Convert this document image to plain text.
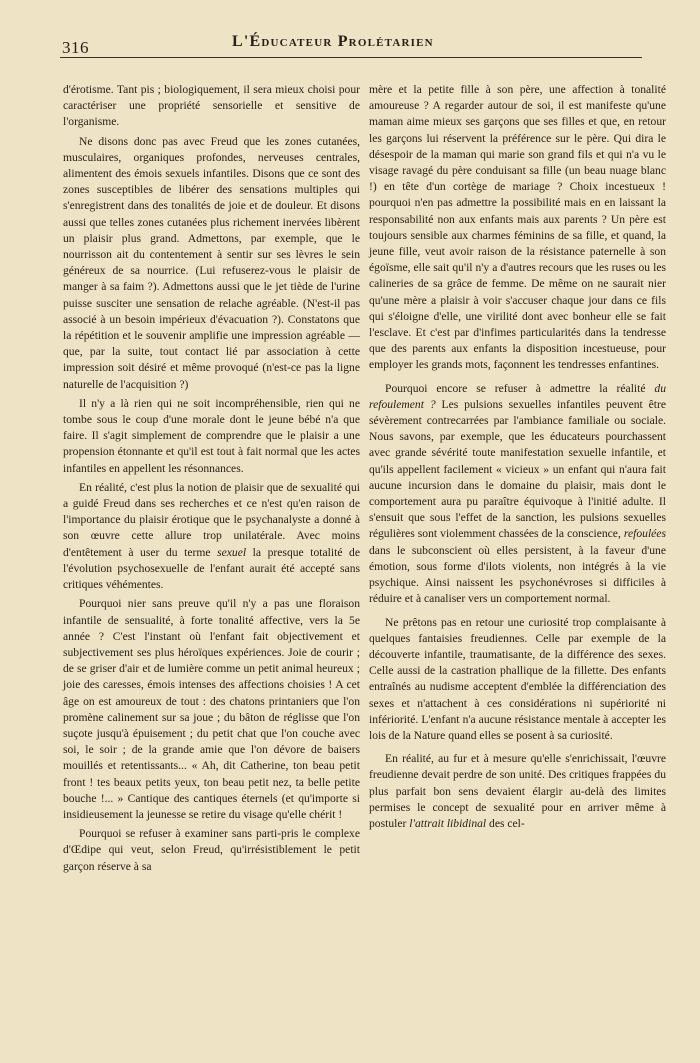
316	L'Éducateur Prolétarien

d'érotisme. Tant pis ; biologiquement, il sera mieux choisi pour caractériser une propriété sensorielle et sensitive de l'organisme.

Ne disons donc pas avec Freud que les zones cutanées, musculaires, organiques profondes, nerveuses centrales, alimentent des émois sexuels infantiles. Disons que ce sont des zones susceptibles de libérer des sensations multiples qui s'enregistrent dans des tonalités de joie et de douleur. Et disons aussi que telles zones cutanées plus richement inervées libèrent un plaisir plus grand. Admettons, par exemple, que le nourrisson ait du contentement à sentir sur ses lèvres le sein généreux de sa nourrice. (Lui refuserez-vous le plaisir de manger à sa faim ?). Admettons aussi que le jet tiède de l'urine puisse susciter une sensation de relache agréable. (N'est-il pas associé à un besoin impérieux d'évacuation ?). Constatons que la répétition et le souvenir amplifie une impression agréable — que, par la suite, tout contact lié par association à cette impression soit désiré et même provoqué (n'est-ce pas la ligne naturelle de l'acquisition ?)

Il n'y a là rien qui ne soit incompréhensible, rien qui ne tombe sous le coup d'une morale dont le jeune bébé n'a que faire. Il s'agit simplement de comprendre que le plaisir a une propension étonnante et qu'il est tout à fait normal que les actes infantiles en appellent les résonnances.

En réalité, c'est plus la notion de plaisir que de sexualité qui a guidé Freud dans ses recherches et ce n'est qu'en raison de l'importance du plaisir érotique que le psychanalyste a donné à son œuvre cette allure trop unilatérale. Avec moins d'entêtement à user du terme sexuel la presque totalité de l'évolution psychosexuelle de l'enfant aurait été accepté sans critiques véhémentes.

Pourquoi nier sans preuve qu'il n'y a pas une floraison infantile de sensualité, à forte tonalité affective, vers la 5e année ? C'est l'instant où l'enfant fait objectivement et subjectivement ses plus héroïques expériences. Joie de courir ; de se griser d'air et de lumière comme un petit animal heureux ; joie des caresses, émois intenses des affections choisies ! A cet âge on est amoureux de tout : des chatons printaniers que l'on promène calinement sur sa joue ; du bâton de réglisse que l'on suçote jusqu'à épuisement ; du petit chat que l'on couche avec soi, le soir ; de la grande amie que l'on dévore de baisers mouillés et retentissants... « Ah, dit Catherine, ton beau petit front ! tes beaux petits yeux, ton beau petit nez, ta belle petite bouche !... » Cantique des cantiques éternels (et qu'importe si insidieusement la jeunesse se retire du visage qu'elle chérit !

Pourquoi se refuser à examiner sans parti-pris le complexe d'Œdipe qui veut, selon Freud, qu'irrésistiblement le petit garçon réserve à sa

mère et la petite fille à son père, une affection à tonalité amoureuse ? A regarder autour de soi, il est manifeste qu'une maman aime mieux ses garçons que ses filles et que, en retour les garçons lui réservent la préférence sur le père. Qui dira le désespoir de la maman qui marie son grand fils et qui n'a vu le visage ravagé du père conduisant sa fille (un beau nuage blanc !) en tête d'un cortège de mariage ? Choix incestueux ! pourquoi n'en pas admettre la possibilité mais en en laissant la responsabilité non aux enfants mais aux parents ? Un père est toujours sensible aux charmes féminins de sa fille, et quand, la jeune fille, veut avoir raison de la résistance paternelle à son égoïsme, elle sait qu'il n'y a d'autres recours que les ruses ou les calineries de sa grâce de femme. De même on ne saurait nier qu'une mère a plaisir à voir s'accuser chaque jour dans ce fils qui s'éloigne d'elle, une virilité dont avec bonheur elle se fait l'esclave. Et c'est par d'infimes particularités dans la tendresse que des parents aux enfants la disposition incestueuse, pour employer les grands mots, façonnent les tendresses enfantines.

Pourquoi encore se refuser à admettre la réalité du refoulement ? Les pulsions sexuelles infantiles peuvent être sévèrement contrecarrées par l'ambiance familiale ou sociale. Nous savons, par exemple, que les éducateurs pourchassent avec grande sévérité toute manifestation sexuelle infantile, et qu'ils appellent facilement « vicieux » un enfant qui n'aura fait aucune incursion dans le domaine du plaisir, mais dont le comportement aura pu paraître équivoque à l'initié adulte. Il s'ensuit que sous l'effet de la sanction, les pulsions sexuelles régulières sont violemment chassées de la conscience, refoulées dans le subconscient où elles persistent, à la faveur d'une émotion, sous forme d'ilots violents, non intégrés à la vie psychique. Ainsi naissent les psychonévroses si difficiles à réduire et à canaliser vers un comportement normal.

Ne prêtons pas en retour une curiosité trop complaisante à quelques fantaisies freudiennes. Celle par exemple de la découverte infantile, traumatisante, de la différence des sexes. Celle aussi de la castration phallique de la fillette. Des enfants entraînés au nudisme acceptent d'emblée la différenciation des sexes et n'attachent à ces considérations ni supériorité ni infériorité. L'enfant n'a aucune résistance mentale à accepter les lois de la Nature quand elles se posent à sa curiosité.

En réalité, au fur et à mesure qu'elle s'enrichissait, l'œuvre freudienne devait perdre de son unité. Des critiques frappées du plus parfait bon sens devaient élargir au-delà des limites permises le concept de sexualité pour en arriver même à postuler l'attrait libidinal des cel-
